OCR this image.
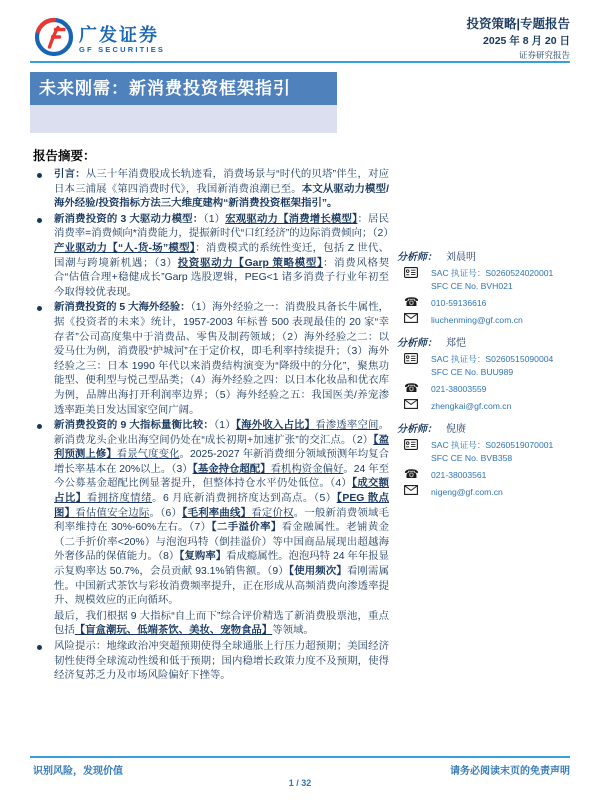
广发证券
GF SECURITIES
投资策略|专题报告
2025 年 8 月 20 日
证券研究报告
未来刚需：新消费投资框架指引
报告摘要：
引言：从三十年消费股成长轨迹看，消费场景与“时代的贝塔”伴生，对应日本三浦展《第四消费时代》，我国新消费浪潮已至。本文从驱动力模型/海外经验/投资指标方法三大维度建构“新消费投资框架指引”。
新消费投资的 3 大驱动力模型：（1）宏观驱动力【消费增长模型】：居民消费率=消费倾向*消费能力，提振新时代“口红经济”的边际消费倾向；（2）产业驱动力【“人-货-场”模型】：消费模式的系统性变迁，包括 Z 世代、国潮与跨境新机遇；（3）投资驱动力【Garp 策略模型】：消费风格契合“估值合理+稳健成长”Garp 选股逻辑，PEG<1 诸多消费子行业年初至今取得较优表现。
新消费投资的 5 大海外经验：（1）海外经验之一：消费股具备长牛属性，据《投资者的未来》统计，1957-2003 年标普 500 表现最佳的 20 家“幸存者”公司高度集中于消费品、零售及制药领域；（2）海外经验之二：以爱马仕为例，消费股“护城河”在于定价权，即毛利率持续提升；（3）海外经验之三：日本 1990 年代以来消费结构演变为“降级中的分化”，聚焦功能型、便利型与悦己型品类；（4）海外经验之四：以日本化妆品和优衣库为例，品牌出海打开利润率边界；（5）海外经验之五：我国医美/养宠渗透率距美日发达国家空间广阔。
新消费投资的 9 大指标量衡比较：（1）【海外收入占比】看渗透率空间。新消费龙头企业出海空间仍处在“成长初期+加速扩张”的交汇点。（2）【盈利预测上修】看景气度变化。2025-2027 年新消费细分领域预测年均复合增长率基本在 20%以上。（3）【基金持仓超配】看机构资金偏好。24 年至今公募基金超配比例显著提升，但整体持仓水平仍处低位。（4）【成交额占比】看拥挤度情绪。6 月底新消费拥挤度达到高点。（5）【PEG 散点图】看估值安全边际。（6）【毛利率曲线】看定价权。一般新消费领域毛利率维持在 30%-60%左右。（7）【二手溢价率】看金融属性。老铺黄金（二手折价率<20%）与泡泡玛特（倒挂溢价）等中国商品展现出超越海外奢侈品的保值能力。（8）【复购率】看成瘾属性。泡泡玛特 24 年年报显示复购率达 50.7%，会员贡献 93.1%销售额。（9）【使用频次】看刚需属性。中国新式茶饮与彩妆消费频率提升，正在形成从高频消费向渗透率提升、规模效应的正向循环。
最后，我们根据 9 大指标“自上而下”综合评价精选了新消费股票池，重点包括【盲盒潮玩、低端茶饮、美妆、宠物食品】等领域。
风险提示：地缘政治冲突超预期使得全球通胀上行压力超预期；美国经济韧性使得全球流动性缓和低于预期；国内稳增长政策力度不及预期，使得经济复苏乏力及市场风险偏好下挫等。
分析师： 刘晨明
SAC 执证号：S0260524020001
SFC CE No. BVH021
☎	010-59136616
liuchenming@gf.com.cn
分析师： 郑恺
SAC 执证号：S0260515090004
SFC CE No. BUU989
☎	021-38003559
zhengkai@gf.com.cn
分析师： 倪赓
SAC 执证号：S0260519070001
SFC CE No. BVB358
☎	021-38003561
nigeng@gf.com.cn
识别风险，发现价值	请务必阅读末页的免责声明
1 / 32
